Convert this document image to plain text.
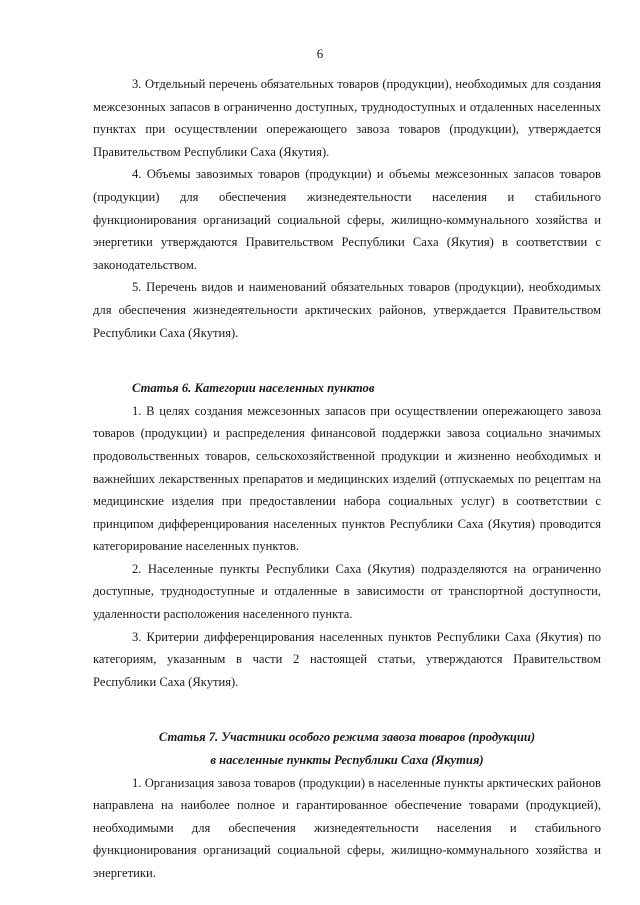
6

3. Отдельный перечень обязательных товаров (продукции), необходимых для создания межсезонных запасов в ограниченно доступных, труднодоступных и отдаленных населенных пунктах при осуществлении опережающего завоза товаров (продукции), утверждается Правительством Республики Саха (Якутия).

4. Объемы завозимых товаров (продукции) и объемы межсезонных запасов товаров (продукции) для обеспечения жизнедеятельности населения и стабильного функционирования организаций социальной сферы, жилищно-коммунального хозяйства и энергетики утверждаются Правительством Республики Саха (Якутия) в соответствии с законодательством.

5. Перечень видов и наименований обязательных товаров (продукции), необходимых для обеспечения жизнедеятельности арктических районов, утверждается Правительством Республики Саха (Якутия).

Статья 6. Категории населенных пунктов

1. В целях создания межсезонных запасов при осуществлении опережающего завоза товаров (продукции) и распределения финансовой поддержки завоза социально значимых продовольственных товаров, сельскохозяйственной продукции и жизненно необходимых и важнейших лекарственных препаратов и медицинских изделий (отпускаемых по рецептам на медицинские изделия при предоставлении набора социальных услуг) в соответствии с принципом дифференцирования населенных пунктов Республики Саха (Якутия) проводится категорирование населенных пунктов.

2. Населенные пункты Республики Саха (Якутия) подразделяются на ограниченно доступные, труднодоступные и отдаленные в зависимости от транспортной доступности, удаленности расположения населенного пункта.

3. Критерии дифференцирования населенных пунктов Республики Саха (Якутия) по категориям, указанным в части 2 настоящей статьи, утверждаются Правительством Республики Саха (Якутия).

Статья 7. Участники особого режима завоза товаров (продукции)
в населенные пункты Республики Саха (Якутия)

1. Организация завоза товаров (продукции) в населенные пункты арктических районов направлена на наиболее полное и гарантированное обеспечение товарами (продукцией), необходимыми для обеспечения жизнедеятельности населения и стабильного функционирования организаций социальной сферы, жилищно-коммунального хозяйства и энергетики.
